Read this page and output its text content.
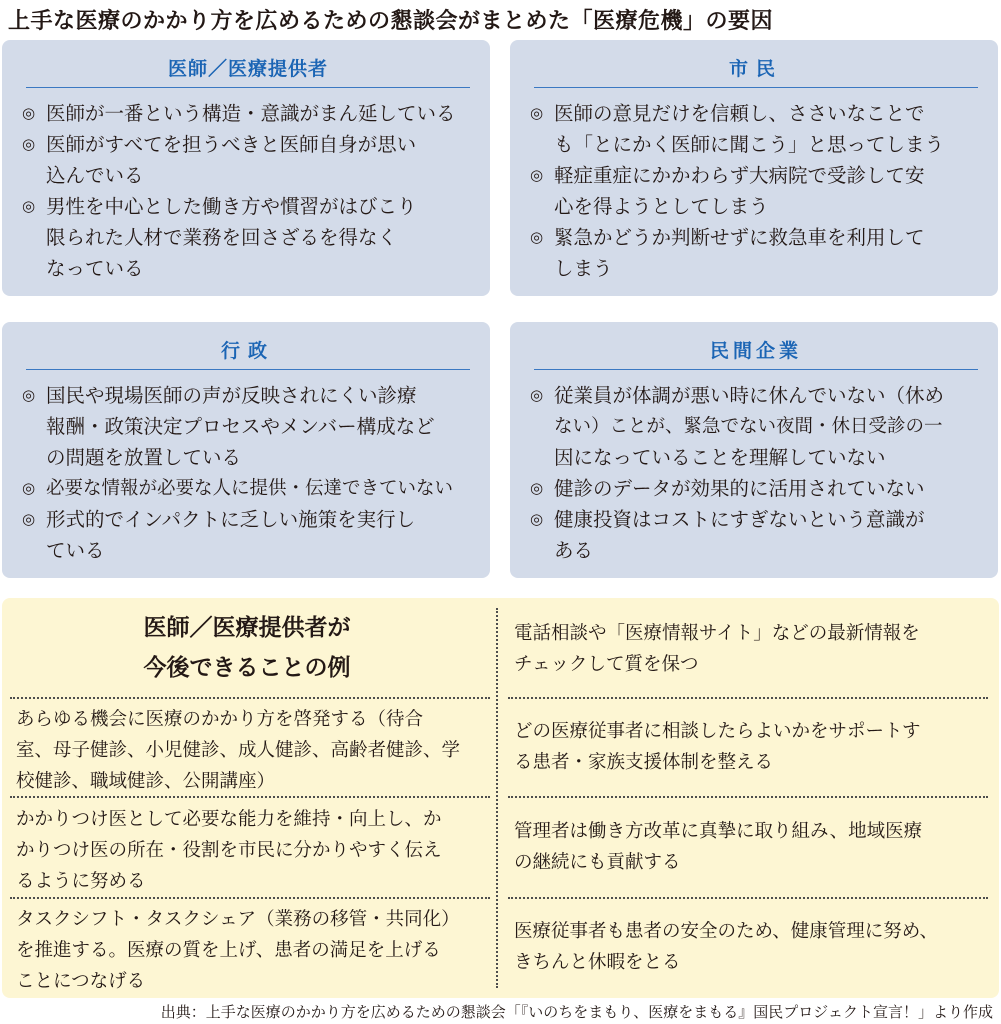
上手な医療のかかり方を広めるための懇談会がまとめた「医療危機」の要因
医師／医療提供者
◎ 医師が一番という構造・意識がまん延している
◎ 医師がすべてを担うべきと医師自身が思い
込んでいる
◎ 男性を中心とした働き方や慣習がはびこり
限られた人材で業務を回さざるを得なく
なっている
市民
◎ 医師の意見だけを信頼し、ささいなことで
も「とにかく医師に聞こう」と思ってしまう
◎ 軽症重症にかかわらず大病院で受診して安
心を得ようとしてしまう
◎ 緊急かどうか判断せずに救急車を利用して
しまう
行政
◎ 国民や現場医師の声が反映されにくい診療
報酬・政策決定プロセスやメンバー構成など
の問題を放置している
◎ 必要な情報が必要な人に提供・伝達できていない
◎ 形式的でインパクトに乏しい施策を実行し
ている
民間企業
◎ 従業員が体調が悪い時に休んでいない（休め
ない）ことが、緊急でない夜間・休日受診の一
因になっていることを理解していない
◎ 健診のデータが効果的に活用されていない
◎ 健康投資はコストにすぎないという意識が
ある
医師／医療提供者が
今後できることの例
あらゆる機会に医療のかかり方を啓発する（待合
室、母子健診、小児健診、成人健診、高齢者健診、学
校健診、職域健診、公開講座）
かかりつけ医として必要な能力を維持・向上し、か
かりつけ医の所在・役割を市民に分かりやすく伝え
るように努める
タスクシフト・タスクシェア（業務の移管・共同化）
を推進する。医療の質を上げ、患者の満足を上げる
ことにつなげる
電話相談や「医療情報サイト」などの最新情報を
チェックして質を保つ
どの医療従事者に相談したらよいかをサポートす
る患者・家族支援体制を整える
管理者は働き方改革に真摯に取り組み、地域医療
の継続にも貢献する
医療従事者も患者の安全のため、健康管理に努め、
きちんと休暇をとる
出典：上手な医療のかかり方を広めるための懇談会「『いのちをまもり、医療をまもる』国民プロジェクト宣言！」より作成
